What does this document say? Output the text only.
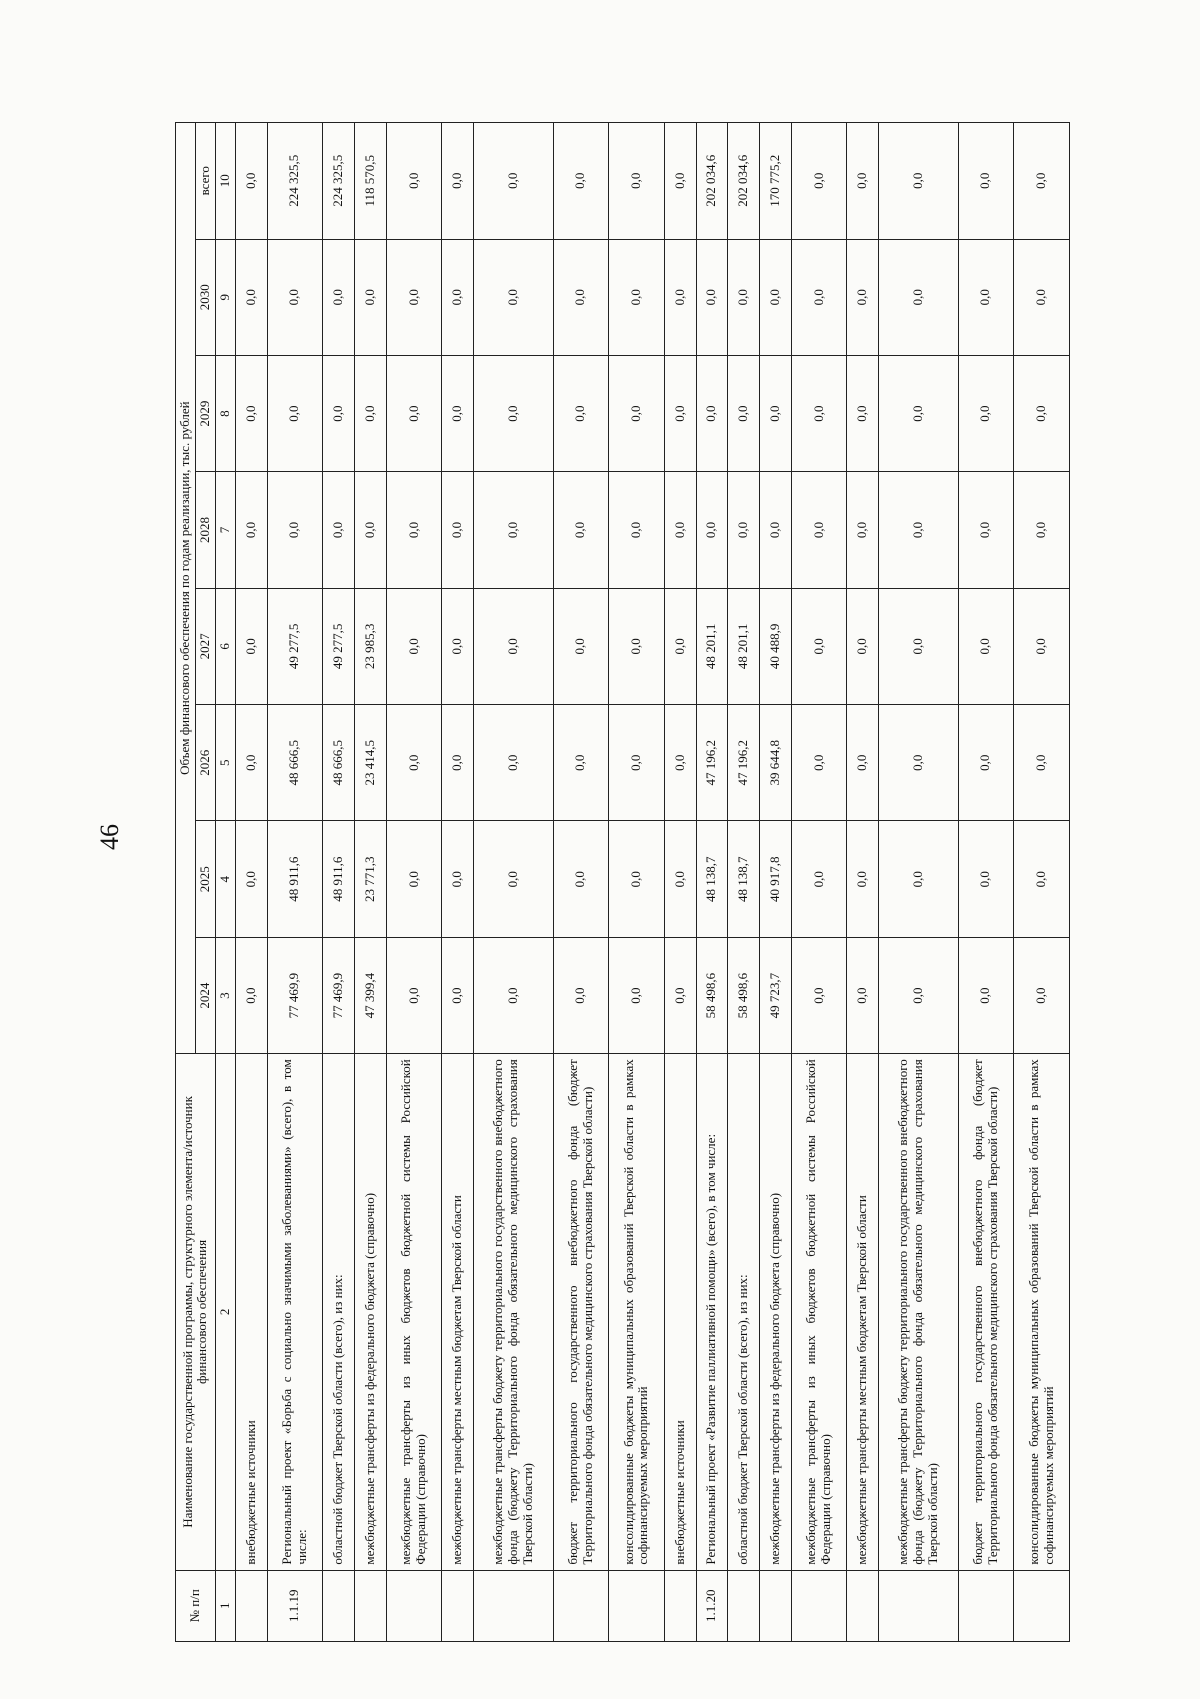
46
№ п/п	Наименование государственной программы, структурного элемента/источник финансового обеспечения	Объем финансового обеспечения по годам реализации, тыс. рублей							
		2024	2025	2026	2027	2028	2029	2030	всего
1	2	3	4	5	6	7	8	9	10
	внебюджетные источники	0,0	0,0	0,0	0,0	0,0	0,0	0,0	0,0
1.1.19	Региональный проект «Борьба с социально значимыми заболеваниями» (всего), в том числе:	77 469,9	48 911,6	48 666,5	49 277,5	0,0	0,0	0,0	224 325,5
	областной бюджет Тверской области (всего), из них:	77 469,9	48 911,6	48 666,5	49 277,5	0,0	0,0	0,0	224 325,5
	межбюджетные трансферты из федерального бюджета (справочно)	47 399,4	23 771,3	23 414,5	23 985,3	0,0	0,0	0,0	118 570,5
	межбюджетные трансферты из иных бюджетов бюджетной системы Российской Федерации (справочно)	0,0	0,0	0,0	0,0	0,0	0,0	0,0	0,0
	межбюджетные трансферты местным бюджетам Тверской области	0,0	0,0	0,0	0,0	0,0	0,0	0,0	0,0
	межбюджетные трансферты бюджету территориального государственного внебюджетного фонда (бюджету Территориального фонда обязательного медицинского страхования Тверской области)	0,0	0,0	0,0	0,0	0,0	0,0	0,0	0,0
	бюджет территориального государственного внебюджетного фонда (бюджет Территориального фонда обязательного медицинского страхования Тверской области)	0,0	0,0	0,0	0,0	0,0	0,0	0,0	0,0
	консолидированные бюджеты муниципальных образований Тверской области в рамках софинансируемых мероприятий	0,0	0,0	0,0	0,0	0,0	0,0	0,0	0,0
	внебюджетные источники	0,0	0,0	0,0	0,0	0,0	0,0	0,0	0,0
1.1.20	Региональный проект «Развитие паллиативной помощи» (всего), в том числе:	58 498,6	48 138,7	47 196,2	48 201,1	0,0	0,0	0,0	202 034,6
	областной бюджет Тверской области (всего), из них:	58 498,6	48 138,7	47 196,2	48 201,1	0,0	0,0	0,0	202 034,6
	межбюджетные трансферты из федерального бюджета (справочно)	49 723,7	40 917,8	39 644,8	40 488,9	0,0	0,0	0,0	170 775,2
	межбюджетные трансферты из иных бюджетов бюджетной системы Российской Федерации (справочно)	0,0	0,0	0,0	0,0	0,0	0,0	0,0	0,0
	межбюджетные трансферты местным бюджетам Тверской области	0,0	0,0	0,0	0,0	0,0	0,0	0,0	0,0
	межбюджетные трансферты бюджету территориального государственного внебюджетного фонда (бюджету Территориального фонда обязательного медицинского страхования Тверской области)	0,0	0,0	0,0	0,0	0,0	0,0	0,0	0,0
	бюджет территориального государственного внебюджетного фонда (бюджет Территориального фонда обязательного медицинского страхования Тверской области)	0,0	0,0	0,0	0,0	0,0	0,0	0,0	0,0
	консолидированные бюджеты муниципальных образований Тверской области в рамках софинансируемых мероприятий	0,0	0,0	0,0	0,0	0,0	0,0	0,0	0,0
